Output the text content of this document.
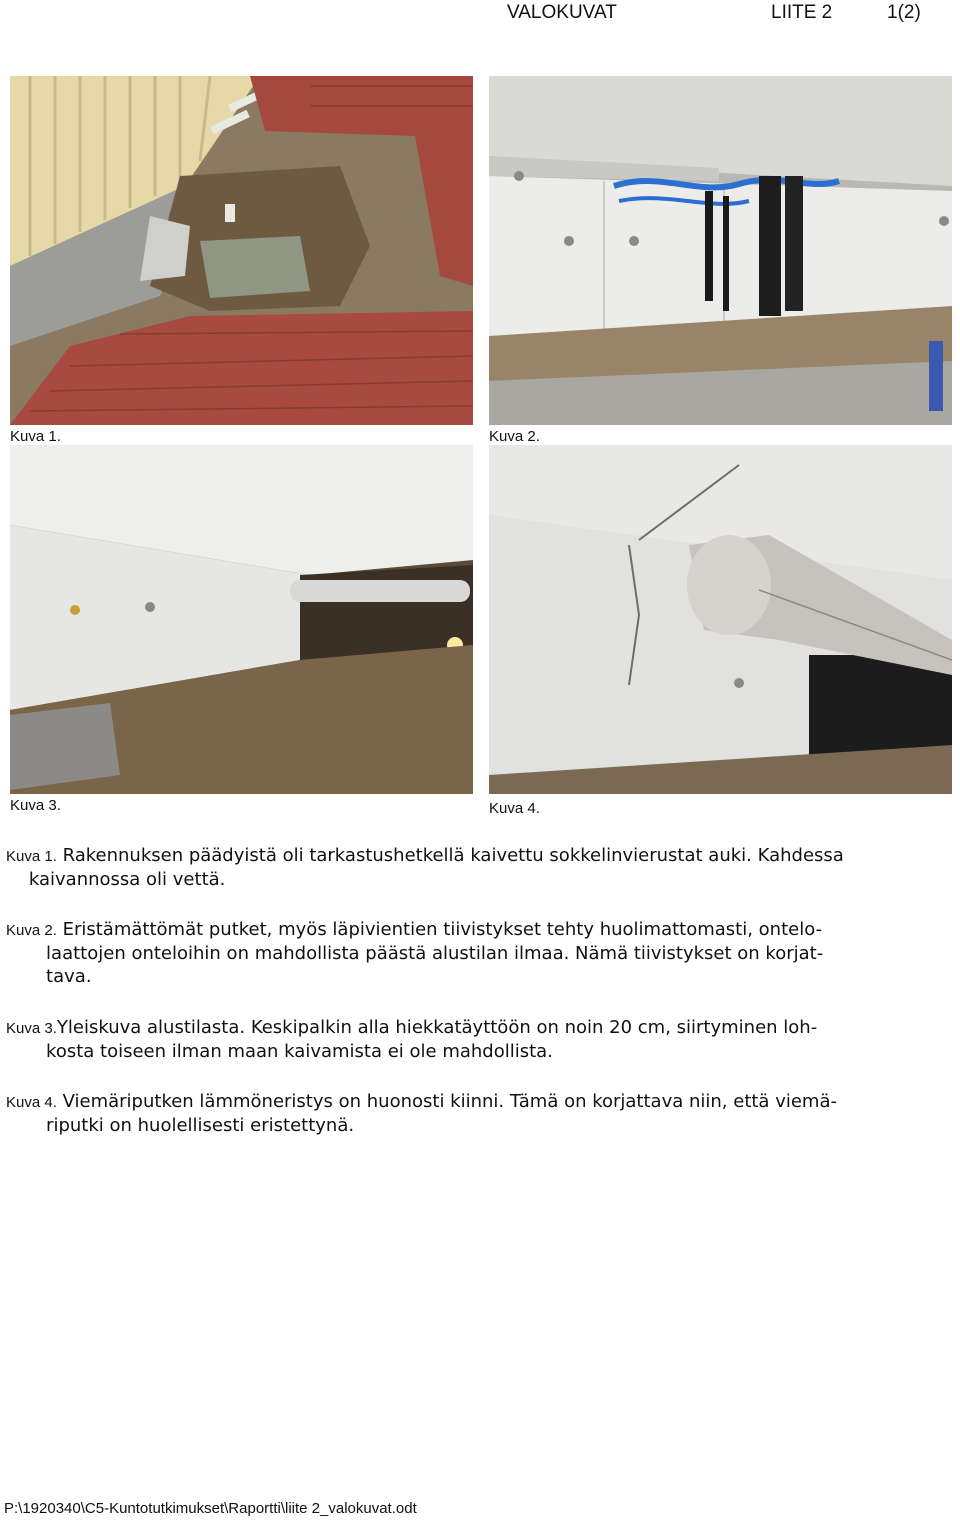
VALOKUVAT	LIITE 2	1(2)
Kuva 1.	Kuva 2.
Kuva 3.	Kuva 4.
Kuva 1. Rakennuksen päädyistä oli tarkastushetkellä kaivettu sokkelinvierustat auki. Kahdessa
kaivannossa oli vettä.
Kuva 2. Eristämättömät putket, myös läpivientien tiivistykset tehty huolimattomasti, ontelo-
laattojen onteloihin on mahdollista päästä alustilan ilmaa. Nämä tiivistykset on korjat-
tava.
Kuva 3.Yleiskuva alustilasta. Keskipalkin alla hiekkatäyttöön on noin 20 cm, siirtyminen loh-
kosta toiseen ilman maan kaivamista ei ole mahdollista.
Kuva 4. Viemäriputken lämmöneristys on huonosti kiinni. Tämä on korjattava niin, että viemä-
riputki on huolellisesti eristettynä.
P:\1920340\C5-Kuntotutkimukset\Raportti\liite 2_valokuvat.odt
